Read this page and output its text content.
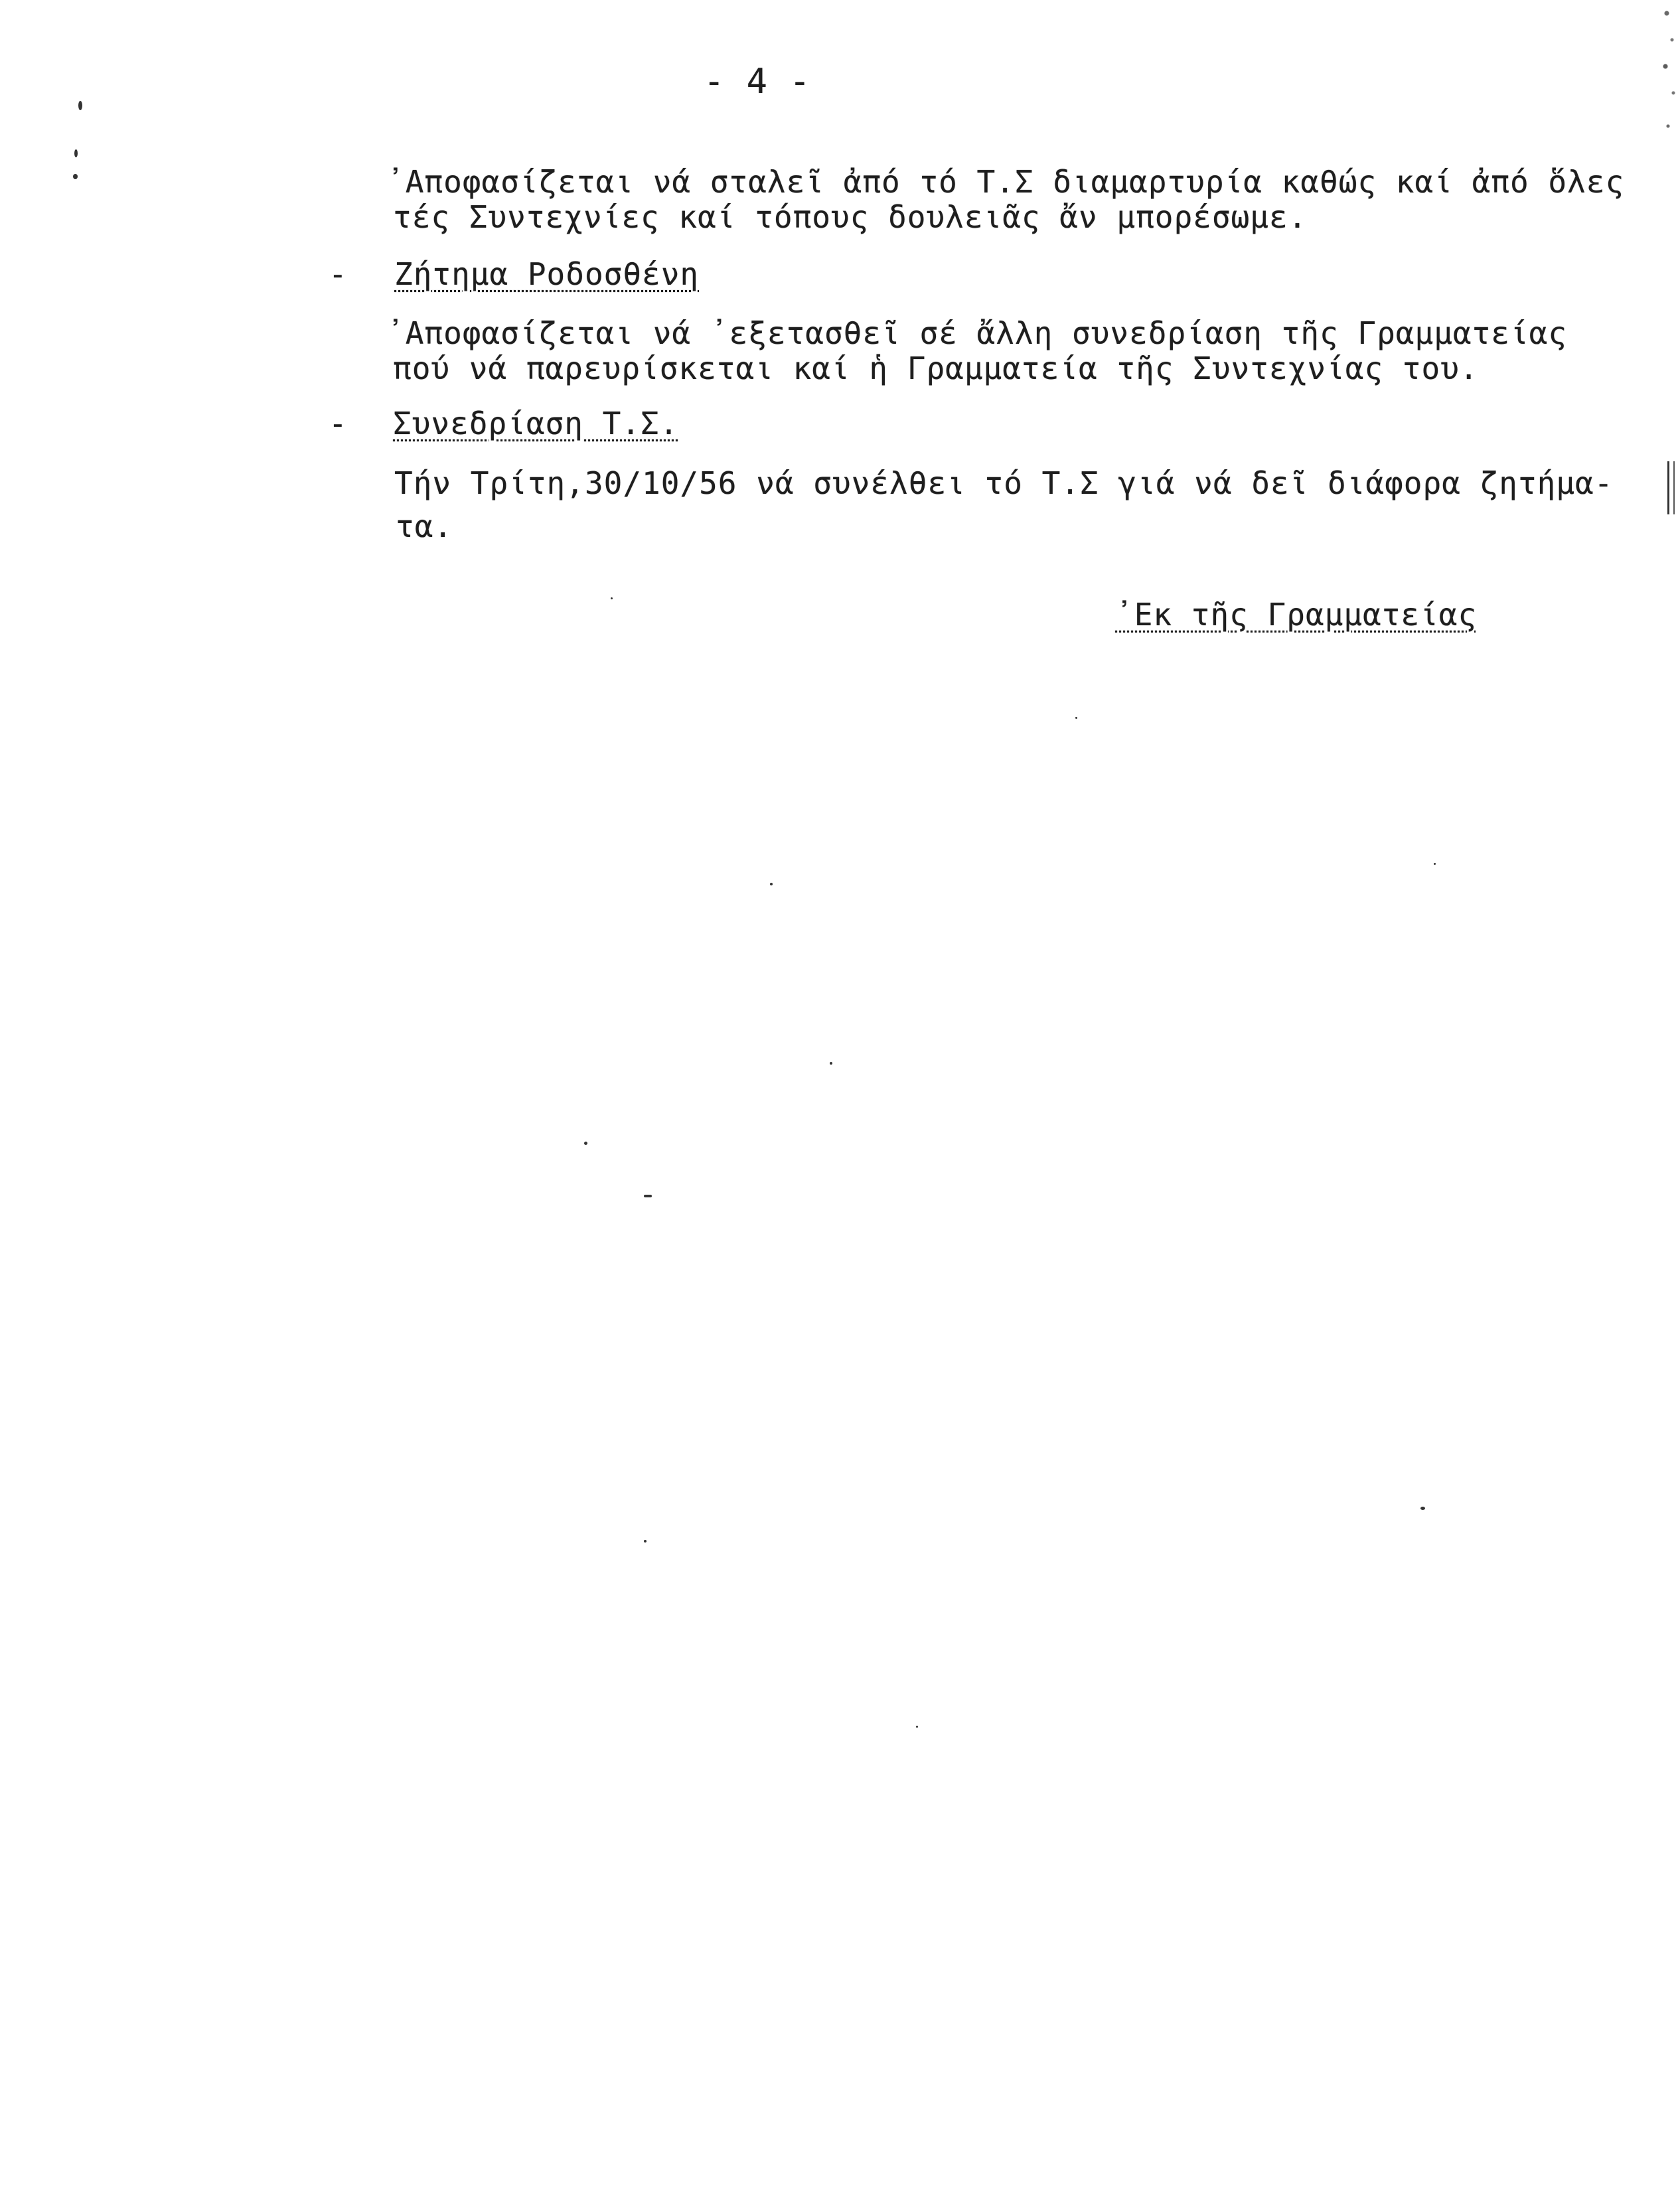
- 4 -
᾿Αποφασίζεται νά σταλεῖ ἀπό τό Τ.Σ διαμαρτυρία καθώς καί ἀπό ὅλες
τές Συντεχνίες καί τόπους δουλειᾶς ἄν μπορέσωμε.
- Ζήτημα Ροδοσθένη
᾿Αποφασίζεται νά ᾿εξετασθεῖ σέ ἄλλη συνεδρίαση τῆς Γραμματείας
πού νά παρευρίσκεται καί ἡ Γραμματεία τῆς Συντεχνίας του.
- Συνεδρίαση Τ.Σ.
Τήν Τρίτη,30/10/56 νά συνέλθει τό Τ.Σ γιά νά δεῖ διάφορα ζητήμα-
τα.
᾿Εκ τῆς Γραμματείας
